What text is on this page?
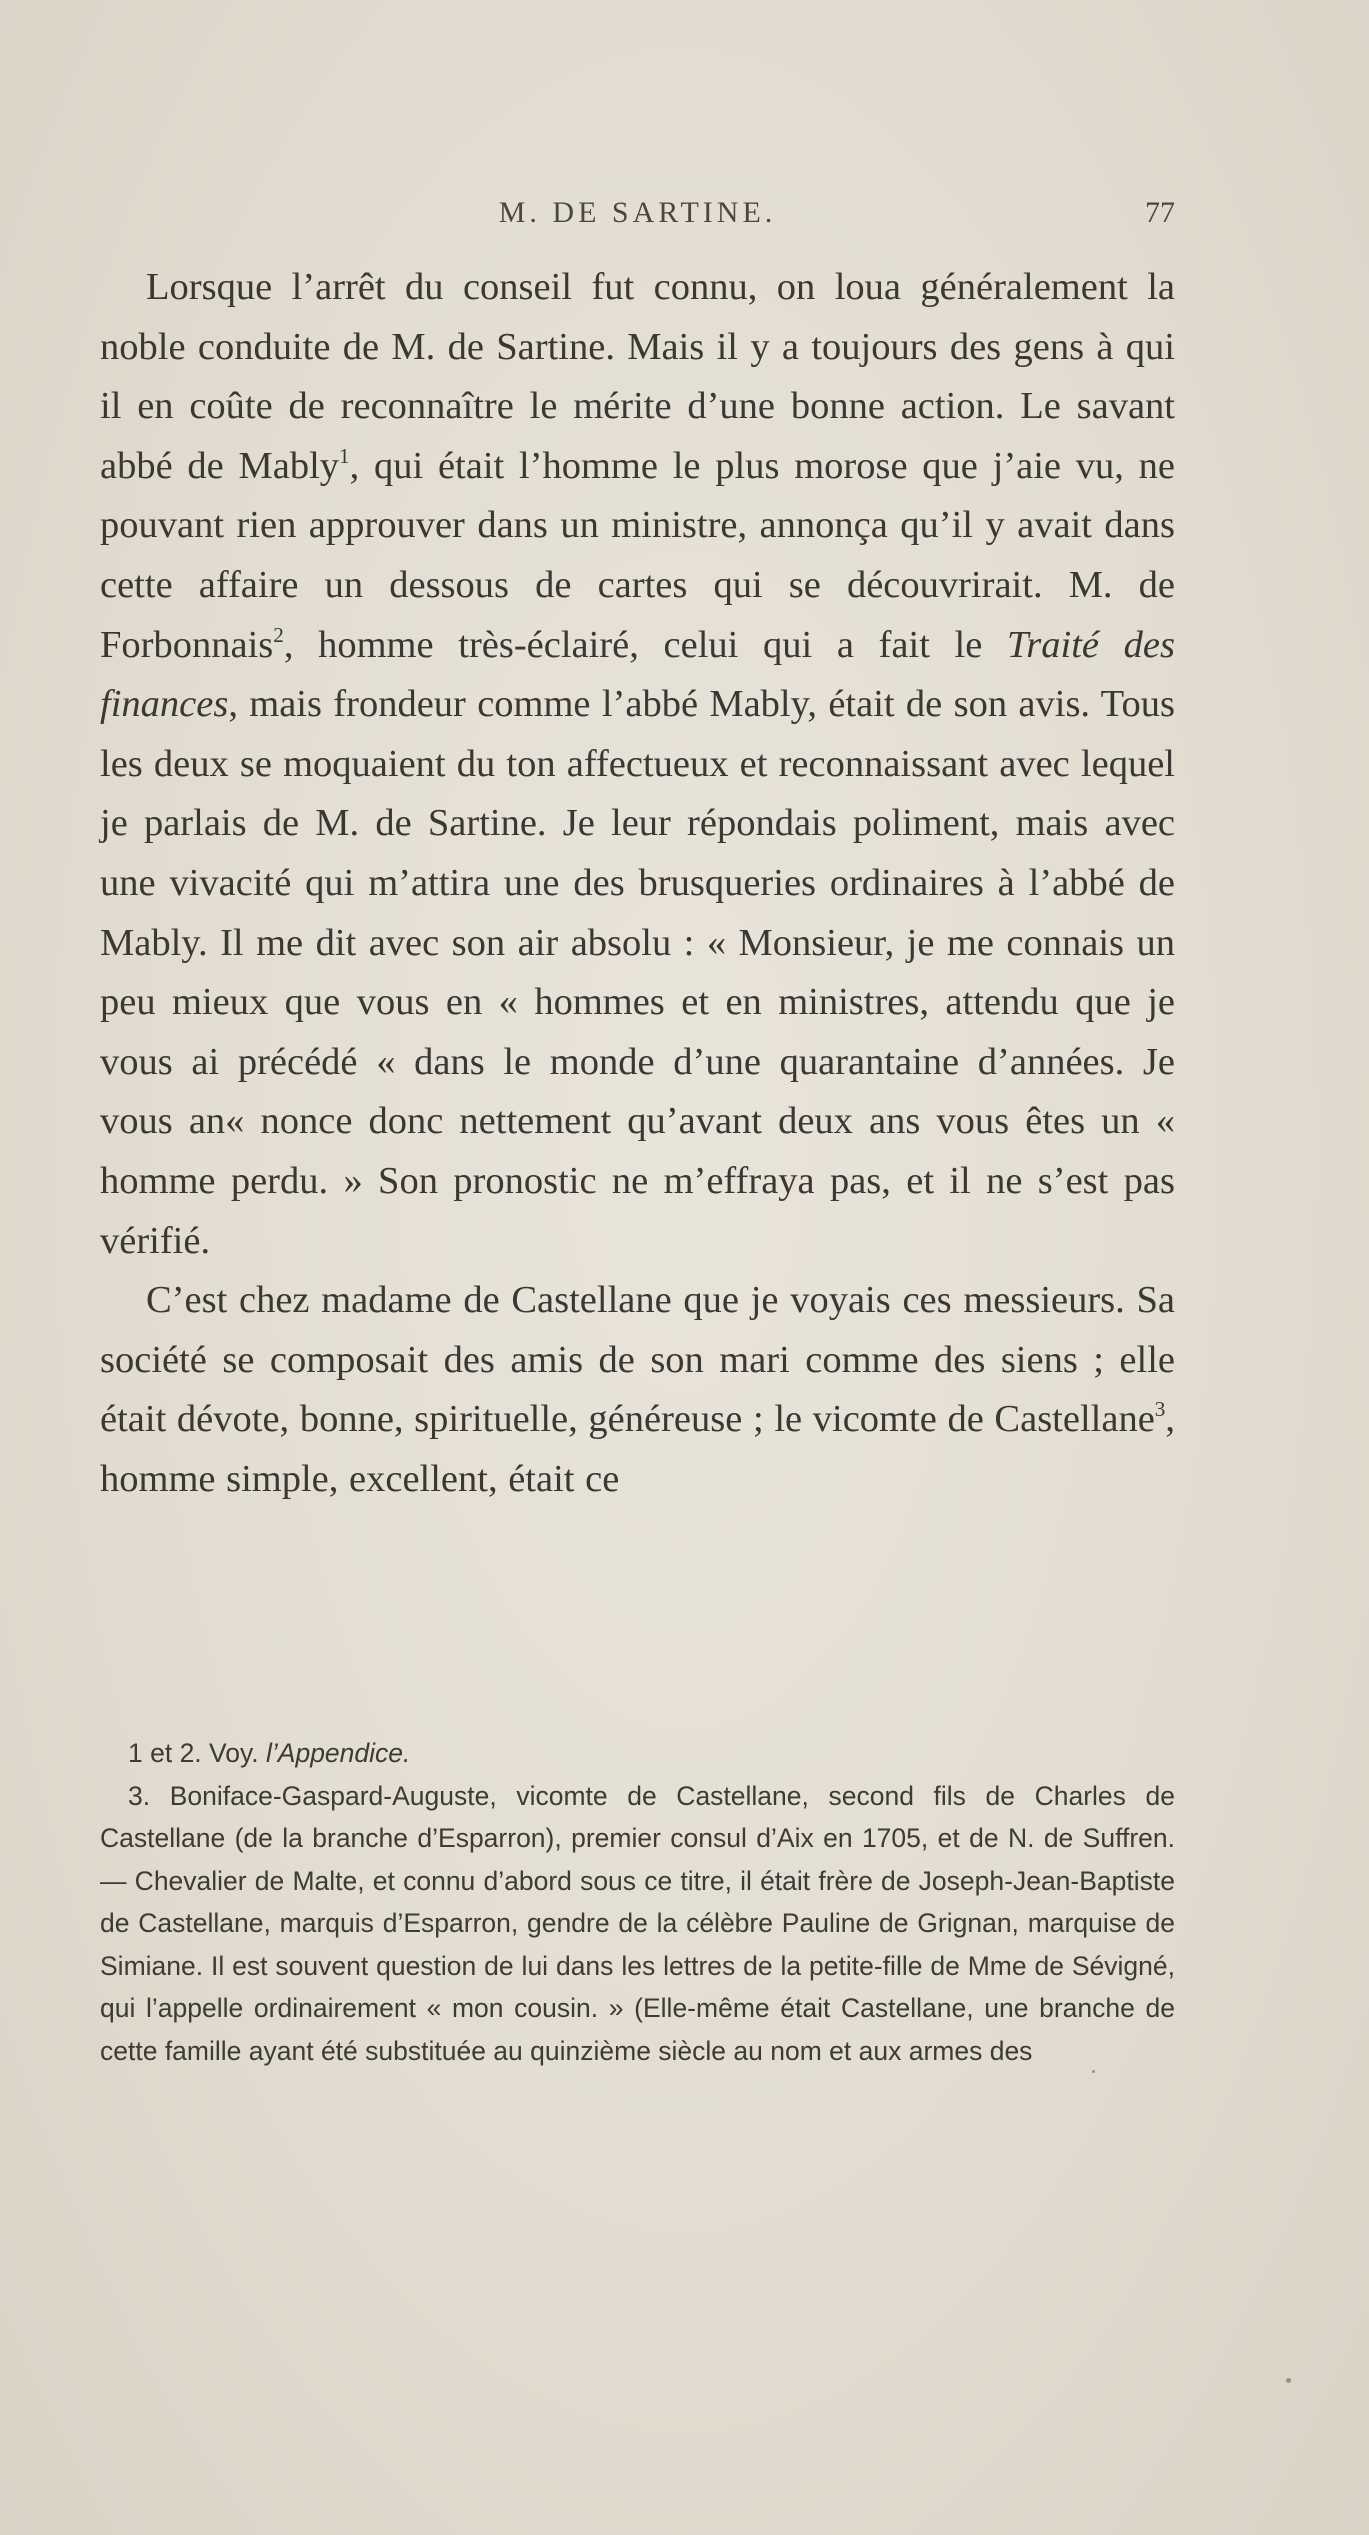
M. DE SARTINE.	77

Lorsque l’arrêt du conseil fut connu, on loua généralement la noble conduite de M. de Sartine. Mais il y a toujours des gens à qui il en coûte de reconnaître le mérite d’une bonne action. Le savant abbé de Mably$^1$, qui était l’homme le plus morose que j’aie vu, ne pouvant rien approuver dans un ministre, annonça qu’il y avait dans cette affaire un dessous de cartes qui se découvrirait. M. de Forbonnais$^2$, homme très-éclairé, celui qui a fait le Traité des finances, mais frondeur comme l’abbé Mably, était de son avis. Tous les deux se moquaient du ton affectueux et reconnaissant avec lequel je parlais de M. de Sartine. Je leur répondais poliment, mais avec une vivacité qui m’attira une des brusqueries ordinaires à l’abbé de Mably. Il me dit avec son air absolu : « Monsieur, je me connais un peu mieux que vous en « hommes et en ministres, attendu que je vous ai précédé « dans le monde d’une quarantaine d’années. Je vous an« nonce donc nettement qu’avant deux ans vous êtes un « homme perdu. » Son pronostic ne m’effraya pas, et il ne s’est pas vérifié.

C’est chez madame de Castellane que je voyais ces messieurs. Sa société se composait des amis de son mari comme des siens ; elle était dévote, bonne, spirituelle, généreuse ; le vicomte de Castellane$^3$, homme simple, excellent, était ce

1 et 2. Voy. l’Appendice.

3. Boniface-Gaspard-Auguste, vicomte de Castellane, second fils de Charles de Castellane (de la branche d’Esparron), premier consul d’Aix en 1705, et de N. de Suffren. — Chevalier de Malte, et connu d’abord sous ce titre, il était frère de Joseph-Jean-Baptiste de Castellane, marquis d’Esparron, gendre de la célèbre Pauline de Grignan, marquise de Simiane. Il est souvent question de lui dans les lettres de la petite-fille de Mme de Sévigné, qui l’appelle ordinairement « mon cousin. » (Elle-même était Castellane, une branche de cette famille ayant été substituée au quinzième siècle au nom et aux armes des
